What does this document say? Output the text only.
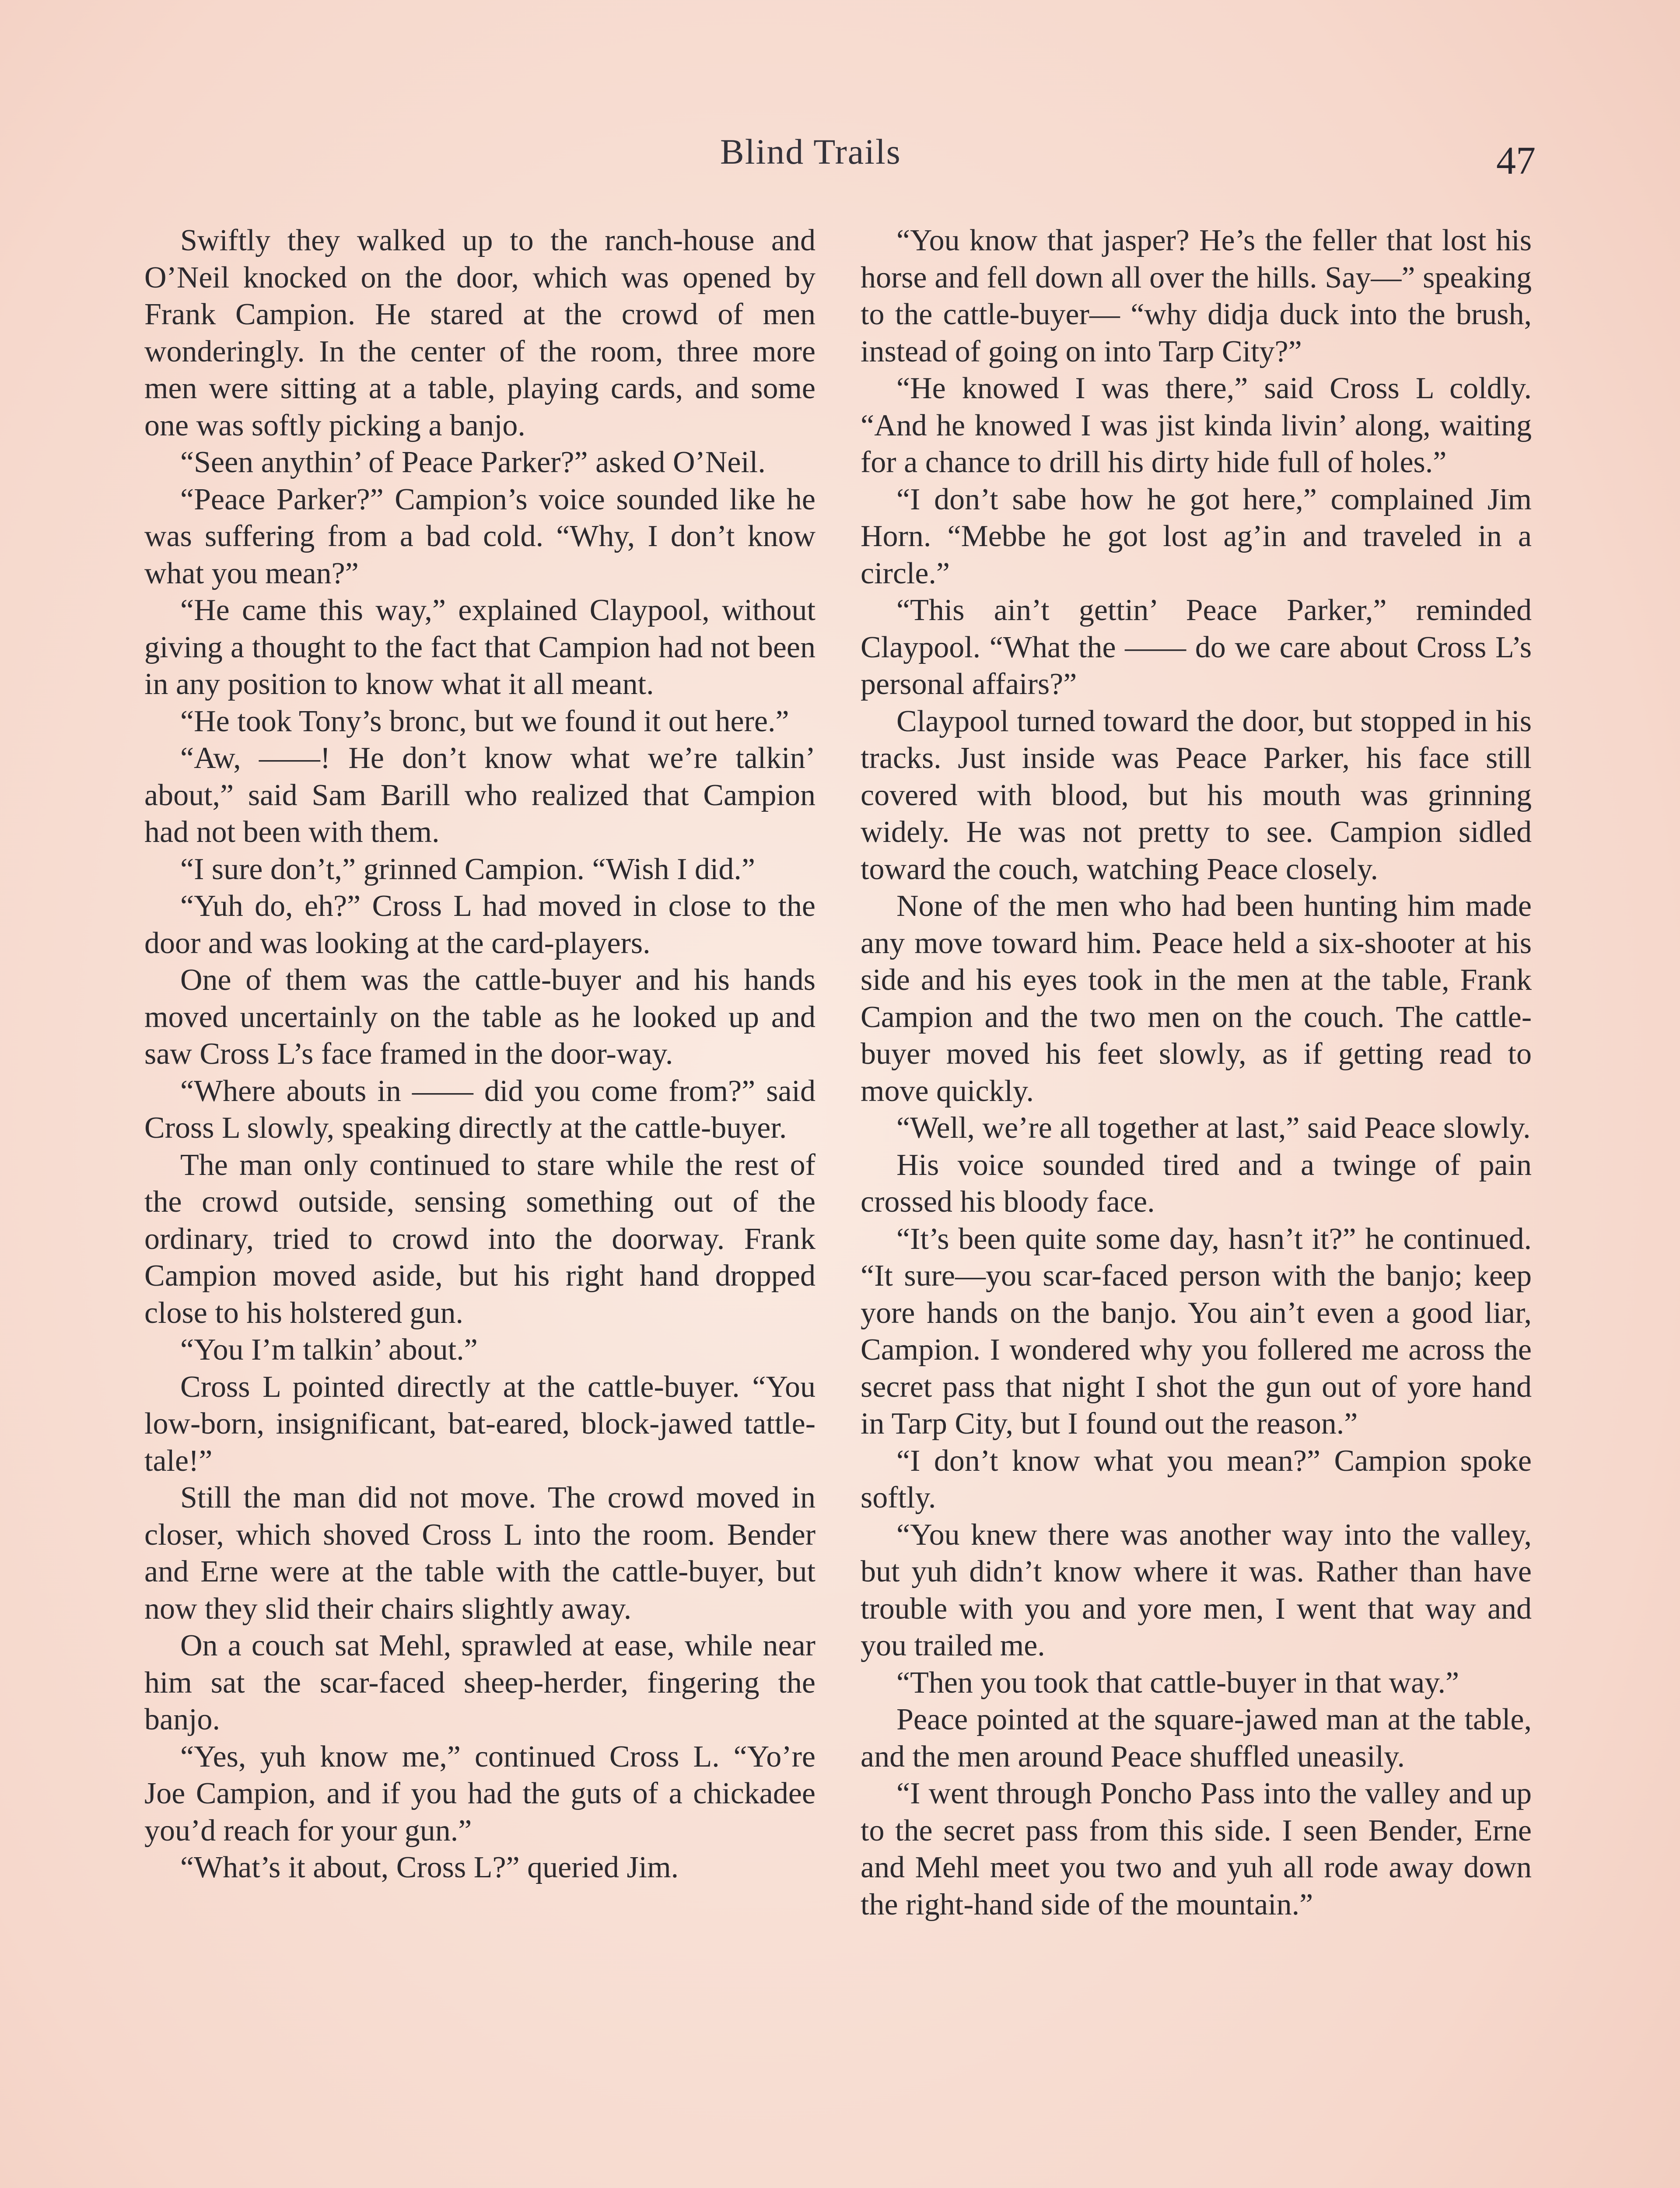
Blind Trails	47

Swiftly they walked up to the ranch-house and O’Neil knocked on the door, which was opened by Frank Campion. He stared at the crowd of men wonderingly. In the center of the room, three more men were sitting at a table, playing cards, and some one was softly picking a banjo.

“Seen anythin’ of Peace Parker?” asked O’Neil.

“Peace Parker?” Campion’s voice sounded like he was suffering from a bad cold. “Why, I don’t know what you mean?”

“He came this way,” explained Claypool, without giving a thought to the fact that Campion had not been in any position to know what it all meant.

“He took Tony’s bronc, but we found it out here.”

“Aw, ——! He don’t know what we’re talkin’ about,” said Sam Barill who realized that Campion had not been with them.

“I sure don’t,” grinned Campion. “Wish I did.”

“Yuh do, eh?” Cross L had moved in close to the door and was looking at the card-players.

One of them was the cattle-buyer and his hands moved uncertainly on the table as he looked up and saw Cross L’s face framed in the door-way.

“Where abouts in —— did you come from?” said Cross L slowly, speaking directly at the cattle-buyer.

The man only continued to stare while the rest of the crowd outside, sensing something out of the ordinary, tried to crowd into the doorway. Frank Campion moved aside, but his right hand dropped close to his holstered gun.

“You I’m talkin’ about.”

Cross L pointed directly at the cattle-buyer. “You low-born, insignificant, bat-eared, block-jawed tattle-tale!”

Still the man did not move. The crowd moved in closer, which shoved Cross L into the room. Bender and Erne were at the table with the cattle-buyer, but now they slid their chairs slightly away.

On a couch sat Mehl, sprawled at ease, while near him sat the scar-faced sheep-herder, fingering the banjo.

“Yes, yuh know me,” continued Cross L. “Yo’re Joe Campion, and if you had the guts of a chickadee you’d reach for your gun.”

“What’s it about, Cross L?” queried Jim.

“You know that jasper? He’s the feller that lost his horse and fell down all over the hills. Say—” speaking to the cattle-buyer— “why didja duck into the brush, instead of going on into Tarp City?”

“He knowed I was there,” said Cross L coldly. “And he knowed I was jist kinda livin’ along, waiting for a chance to drill his dirty hide full of holes.”

“I don’t sabe how he got here,” complained Jim Horn. “Mebbe he got lost ag’in and traveled in a circle.”

“This ain’t gettin’ Peace Parker,” reminded Claypool. “What the —— do we care about Cross L’s personal affairs?”

Claypool turned toward the door, but stopped in his tracks. Just inside was Peace Parker, his face still covered with blood, but his mouth was grinning widely. He was not pretty to see. Campion sidled toward the couch, watching Peace closely.

None of the men who had been hunting him made any move toward him. Peace held a six-shooter at his side and his eyes took in the men at the table, Frank Campion and the two men on the couch. The cattle-buyer moved his feet slowly, as if getting read to move quickly.

“Well, we’re all together at last,” said Peace slowly.

His voice sounded tired and a twinge of pain crossed his bloody face.

“It’s been quite some day, hasn’t it?” he continued. “It sure—you scar-faced person with the banjo; keep yore hands on the banjo. You ain’t even a good liar, Campion. I wondered why you follered me across the secret pass that night I shot the gun out of yore hand in Tarp City, but I found out the reason.”

“I don’t know what you mean?” Campion spoke softly.

“You knew there was another way into the valley, but yuh didn’t know where it was. Rather than have trouble with you and yore men, I went that way and you trailed me.

“Then you took that cattle-buyer in that way.”

Peace pointed at the square-jawed man at the table, and the men around Peace shuffled uneasily.

“I went through Poncho Pass into the valley and up to the secret pass from this side. I seen Bender, Erne and Mehl meet you two and yuh all rode away down the right-hand side of the mountain.”
